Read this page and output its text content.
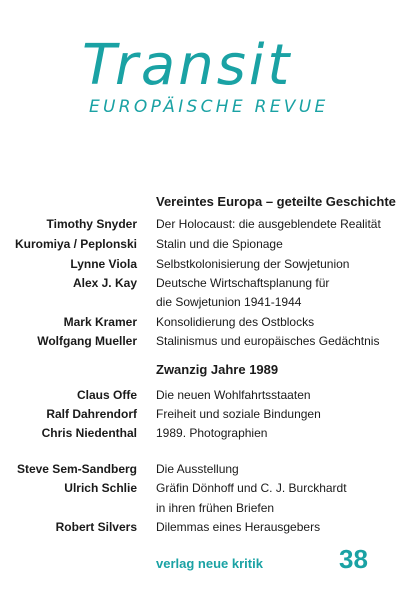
Transit
EUROPÄISCHE REVUE
Vereintes Europa – geteilte Geschichte
Timothy Snyder Der Holocaust: die ausgeblendete Realität
Kuromiya / Peplonski Stalin und die Spionage
Lynne Viola Selbstkolonisierung der Sowjetunion
Alex J. Kay Deutsche Wirtschaftsplanung für
die Sowjetunion 1941-1944
Mark Kramer Konsolidierung des Ostblocks
Wolfgang Mueller Stalinismus und europäisches Gedächtnis
Zwanzig Jahre 1989
Claus Offe Die neuen Wohlfahrtsstaaten
Ralf Dahrendorf Freiheit und soziale Bindungen
Chris Niedenthal 1989. Photographien
Steve Sem-Sandberg Die Ausstellung
Ulrich Schlie Gräfin Dönhoff und C. J. Burckhardt
in ihren frühen Briefen
Robert Silvers Dilemmas eines Herausgebers
verlag neue kritik	38
